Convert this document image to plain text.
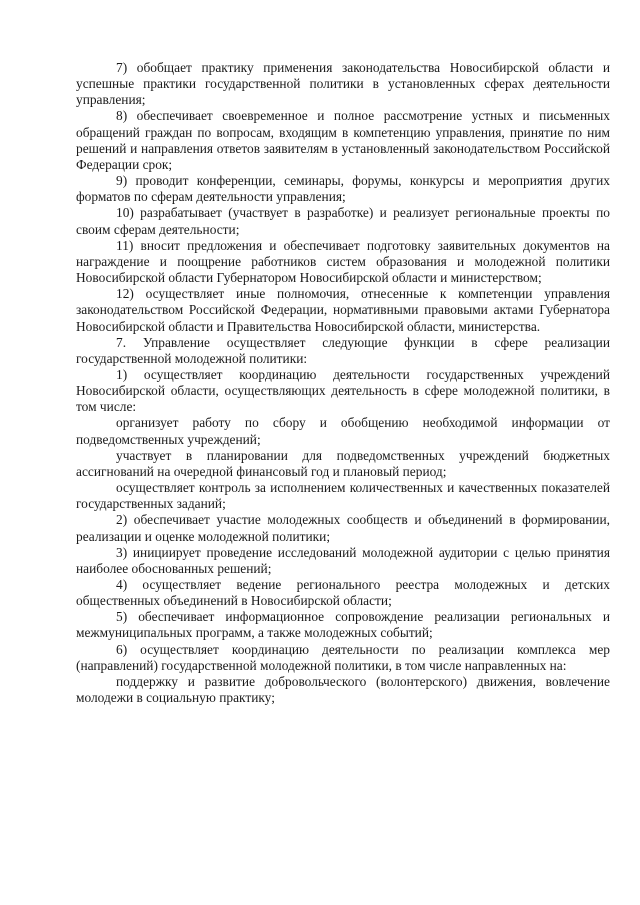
7) обобщает практику применения законодательства Новосибирской области и успешные практики государственной политики в установленных сферах деятельности управления;

8) обеспечивает своевременное и полное рассмотрение устных и письменных обращений граждан по вопросам, входящим в компетенцию управления, принятие по ним решений и направления ответов заявителям в установленный законодательством Российской Федерации срок;

9) проводит конференции, семинары, форумы, конкурсы и мероприятия других форматов по сферам деятельности управления;

10) разрабатывает (участвует в разработке) и реализует региональные проекты по своим сферам деятельности;

11) вносит предложения и обеспечивает подготовку заявительных документов на награждение и поощрение работников систем образования и молодежной политики Новосибирской области Губернатором Новосибирской области и министерством;

12) осуществляет иные полномочия, отнесенные к компетенции управления законодательством Российской Федерации, нормативными правовыми актами Губернатора Новосибирской области и Правительства Новосибирской области, министерства.

7. Управление осуществляет следующие функции в сфере реализации государственной молодежной политики:

1) осуществляет координацию деятельности государственных учреждений Новосибирской области, осуществляющих деятельность в сфере молодежной политики, в том числе:

организует работу по сбору и обобщению необходимой информации от подведомственных учреждений;

участвует в планировании для подведомственных учреждений бюджетных ассигнований на очередной финансовый год и плановый период;

осуществляет контроль за исполнением количественных и качественных показателей государственных заданий;

2) обеспечивает участие молодежных сообществ и объединений в формировании, реализации и оценке молодежной политики;

3) инициирует проведение исследований молодежной аудитории с целью принятия наиболее обоснованных решений;

4) осуществляет ведение регионального реестра молодежных и детских общественных объединений в Новосибирской области;

5) обеспечивает информационное сопровождение реализации региональных и межмуниципальных программ, а также молодежных событий;

6) осуществляет координацию деятельности по реализации комплекса мер (направлений) государственной молодежной политики, в том числе направленных на:

поддержку и развитие добровольческого (волонтерского) движения, вовлечение молодежи в социальную практику;
